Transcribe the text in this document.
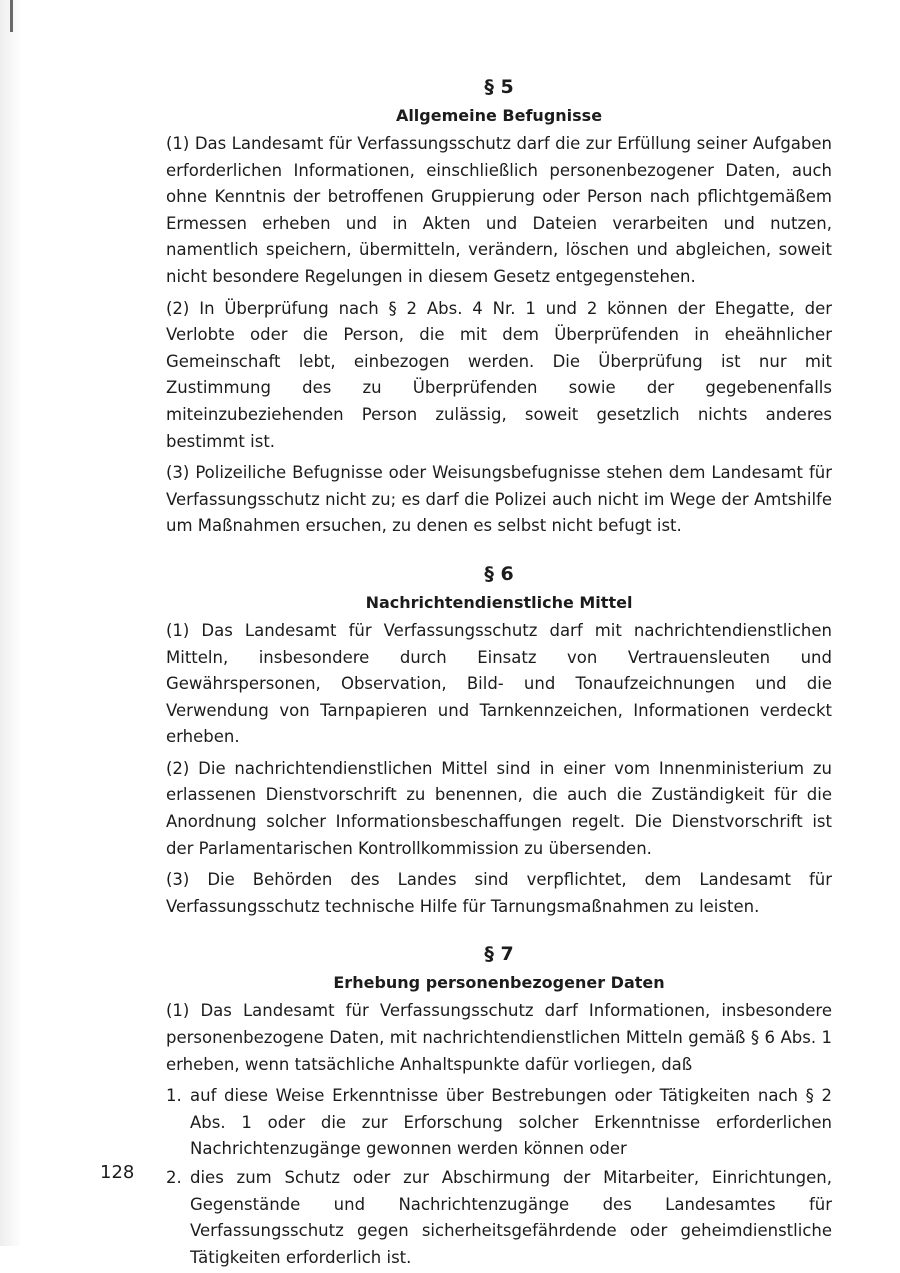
§ 5
Allgemeine Befugnisse

(1) Das Landesamt für Verfassungsschutz darf die zur Erfüllung seiner Aufgaben erforderlichen Informationen, einschließlich personenbezogener Daten, auch ohne Kenntnis der betroffenen Gruppierung oder Person nach pflichtgemäßem Ermessen erheben und in Akten und Dateien verarbeiten und nutzen, namentlich speichern, übermitteln, verändern, löschen und abgleichen, soweit nicht besondere Regelungen in diesem Gesetz entgegenstehen.

(2) In Überprüfung nach § 2 Abs. 4 Nr. 1 und 2 können der Ehegatte, der Verlobte oder die Person, die mit dem Überprüfenden in eheähnlicher Gemeinschaft lebt, einbezogen werden. Die Überprüfung ist nur mit Zustimmung des zu Überprüfenden sowie der gegebenenfalls miteinzubeziehenden Person zulässig, soweit gesetzlich nichts anderes bestimmt ist.

(3) Polizeiliche Befugnisse oder Weisungsbefugnisse stehen dem Landesamt für Verfassungsschutz nicht zu; es darf die Polizei auch nicht im Wege der Amtshilfe um Maßnahmen ersuchen, zu denen es selbst nicht befugt ist.

§ 6
Nachrichtendienstliche Mittel

(1) Das Landesamt für Verfassungsschutz darf mit nachrichtendienstlichen Mitteln, insbesondere durch Einsatz von Vertrauensleuten und Gewährspersonen, Observation, Bild- und Tonaufzeichnungen und die Verwendung von Tarnpapieren und Tarnkennzeichen, Informationen verdeckt erheben.

(2) Die nachrichtendienstlichen Mittel sind in einer vom Innenministerium zu erlassenen Dienstvorschrift zu benennen, die auch die Zuständigkeit für die Anordnung solcher Informationsbeschaffungen regelt. Die Dienstvorschrift ist der Parlamentarischen Kontrollkommission zu übersenden.

(3) Die Behörden des Landes sind verpflichtet, dem Landesamt für Verfassungsschutz technische Hilfe für Tarnungsmaßnahmen zu leisten.

§ 7
Erhebung personenbezogener Daten

(1) Das Landesamt für Verfassungsschutz darf Informationen, insbesondere personenbezogene Daten, mit nachrichtendienstlichen Mitteln gemäß § 6 Abs. 1 erheben, wenn tatsächliche Anhaltspunkte dafür vorliegen, daß

1. auf diese Weise Erkenntnisse über Bestrebungen oder Tätigkeiten nach § 2 Abs. 1 oder die zur Erforschung solcher Erkenntnisse erforderlichen Nachrichtenzugänge gewonnen werden können oder
2. dies zum Schutz oder zur Abschirmung der Mitarbeiter, Einrichtungen, Gegenstände und Nachrichtenzugänge des Landesamtes für Verfassungsschutz gegen sicherheitsgefährdende oder geheimdienstliche Tätigkeiten erforderlich ist.
128
